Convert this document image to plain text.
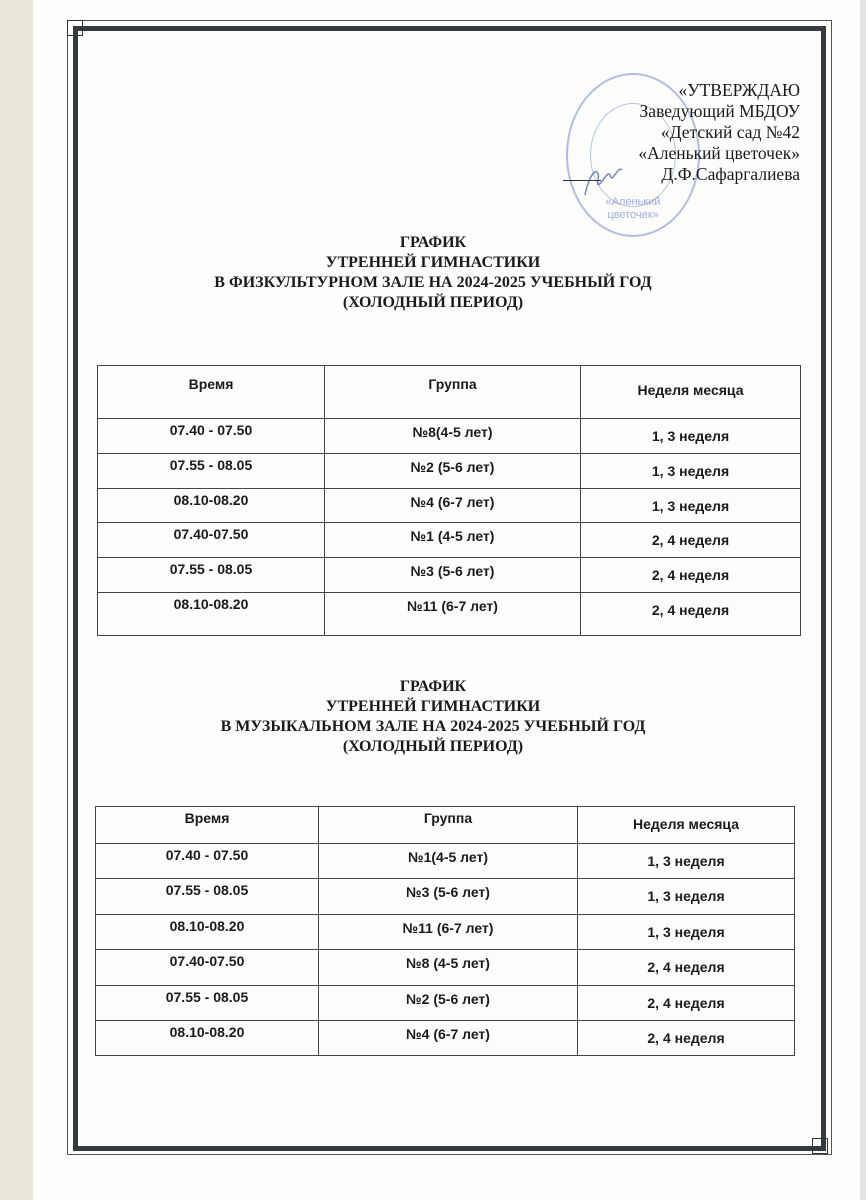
«Аленький цветочек»
«УТВЕРЖДАЮ
Заведующий МБДОУ
«Детский сад №42
«Аленький цветочек»
Д.Ф.Сафаргалиева
ГРАФИК
УТРЕННЕЙ ГИМНАСТИКИ
В ФИЗКУЛЬТУРНОМ ЗАЛЕ НА 2024-2025 УЧЕБНЫЙ ГОД
(ХОЛОДНЫЙ ПЕРИОД)
Время	Группа	Неделя месяца
07.40 - 07.50	№8(4-5 лет)	1, 3 неделя
07.55 - 08.05	№2 (5-6 лет)	1, 3 неделя
08.10-08.20	№4 (6-7 лет)	1, 3 неделя
07.40-07.50	№1 (4-5 лет)	2, 4 неделя
07.55 - 08.05	№3 (5-6 лет)	2, 4 неделя
08.10-08.20	№11 (6-7 лет)	2, 4 неделя
ГРАФИК
УТРЕННЕЙ ГИМНАСТИКИ
В МУЗЫКАЛЬНОМ ЗАЛЕ НА 2024-2025 УЧЕБНЫЙ ГОД
(ХОЛОДНЫЙ ПЕРИОД)
Время	Группа	Неделя месяца
07.40 - 07.50	№1(4-5 лет)	1, 3 неделя
07.55 - 08.05	№3 (5-6 лет)	1, 3 неделя
08.10-08.20	№11 (6-7 лет)	1, 3 неделя
07.40-07.50	№8 (4-5 лет)	2, 4 неделя
07.55 - 08.05	№2 (5-6 лет)	2, 4 неделя
08.10-08.20	№4 (6-7 лет)	2, 4 неделя
